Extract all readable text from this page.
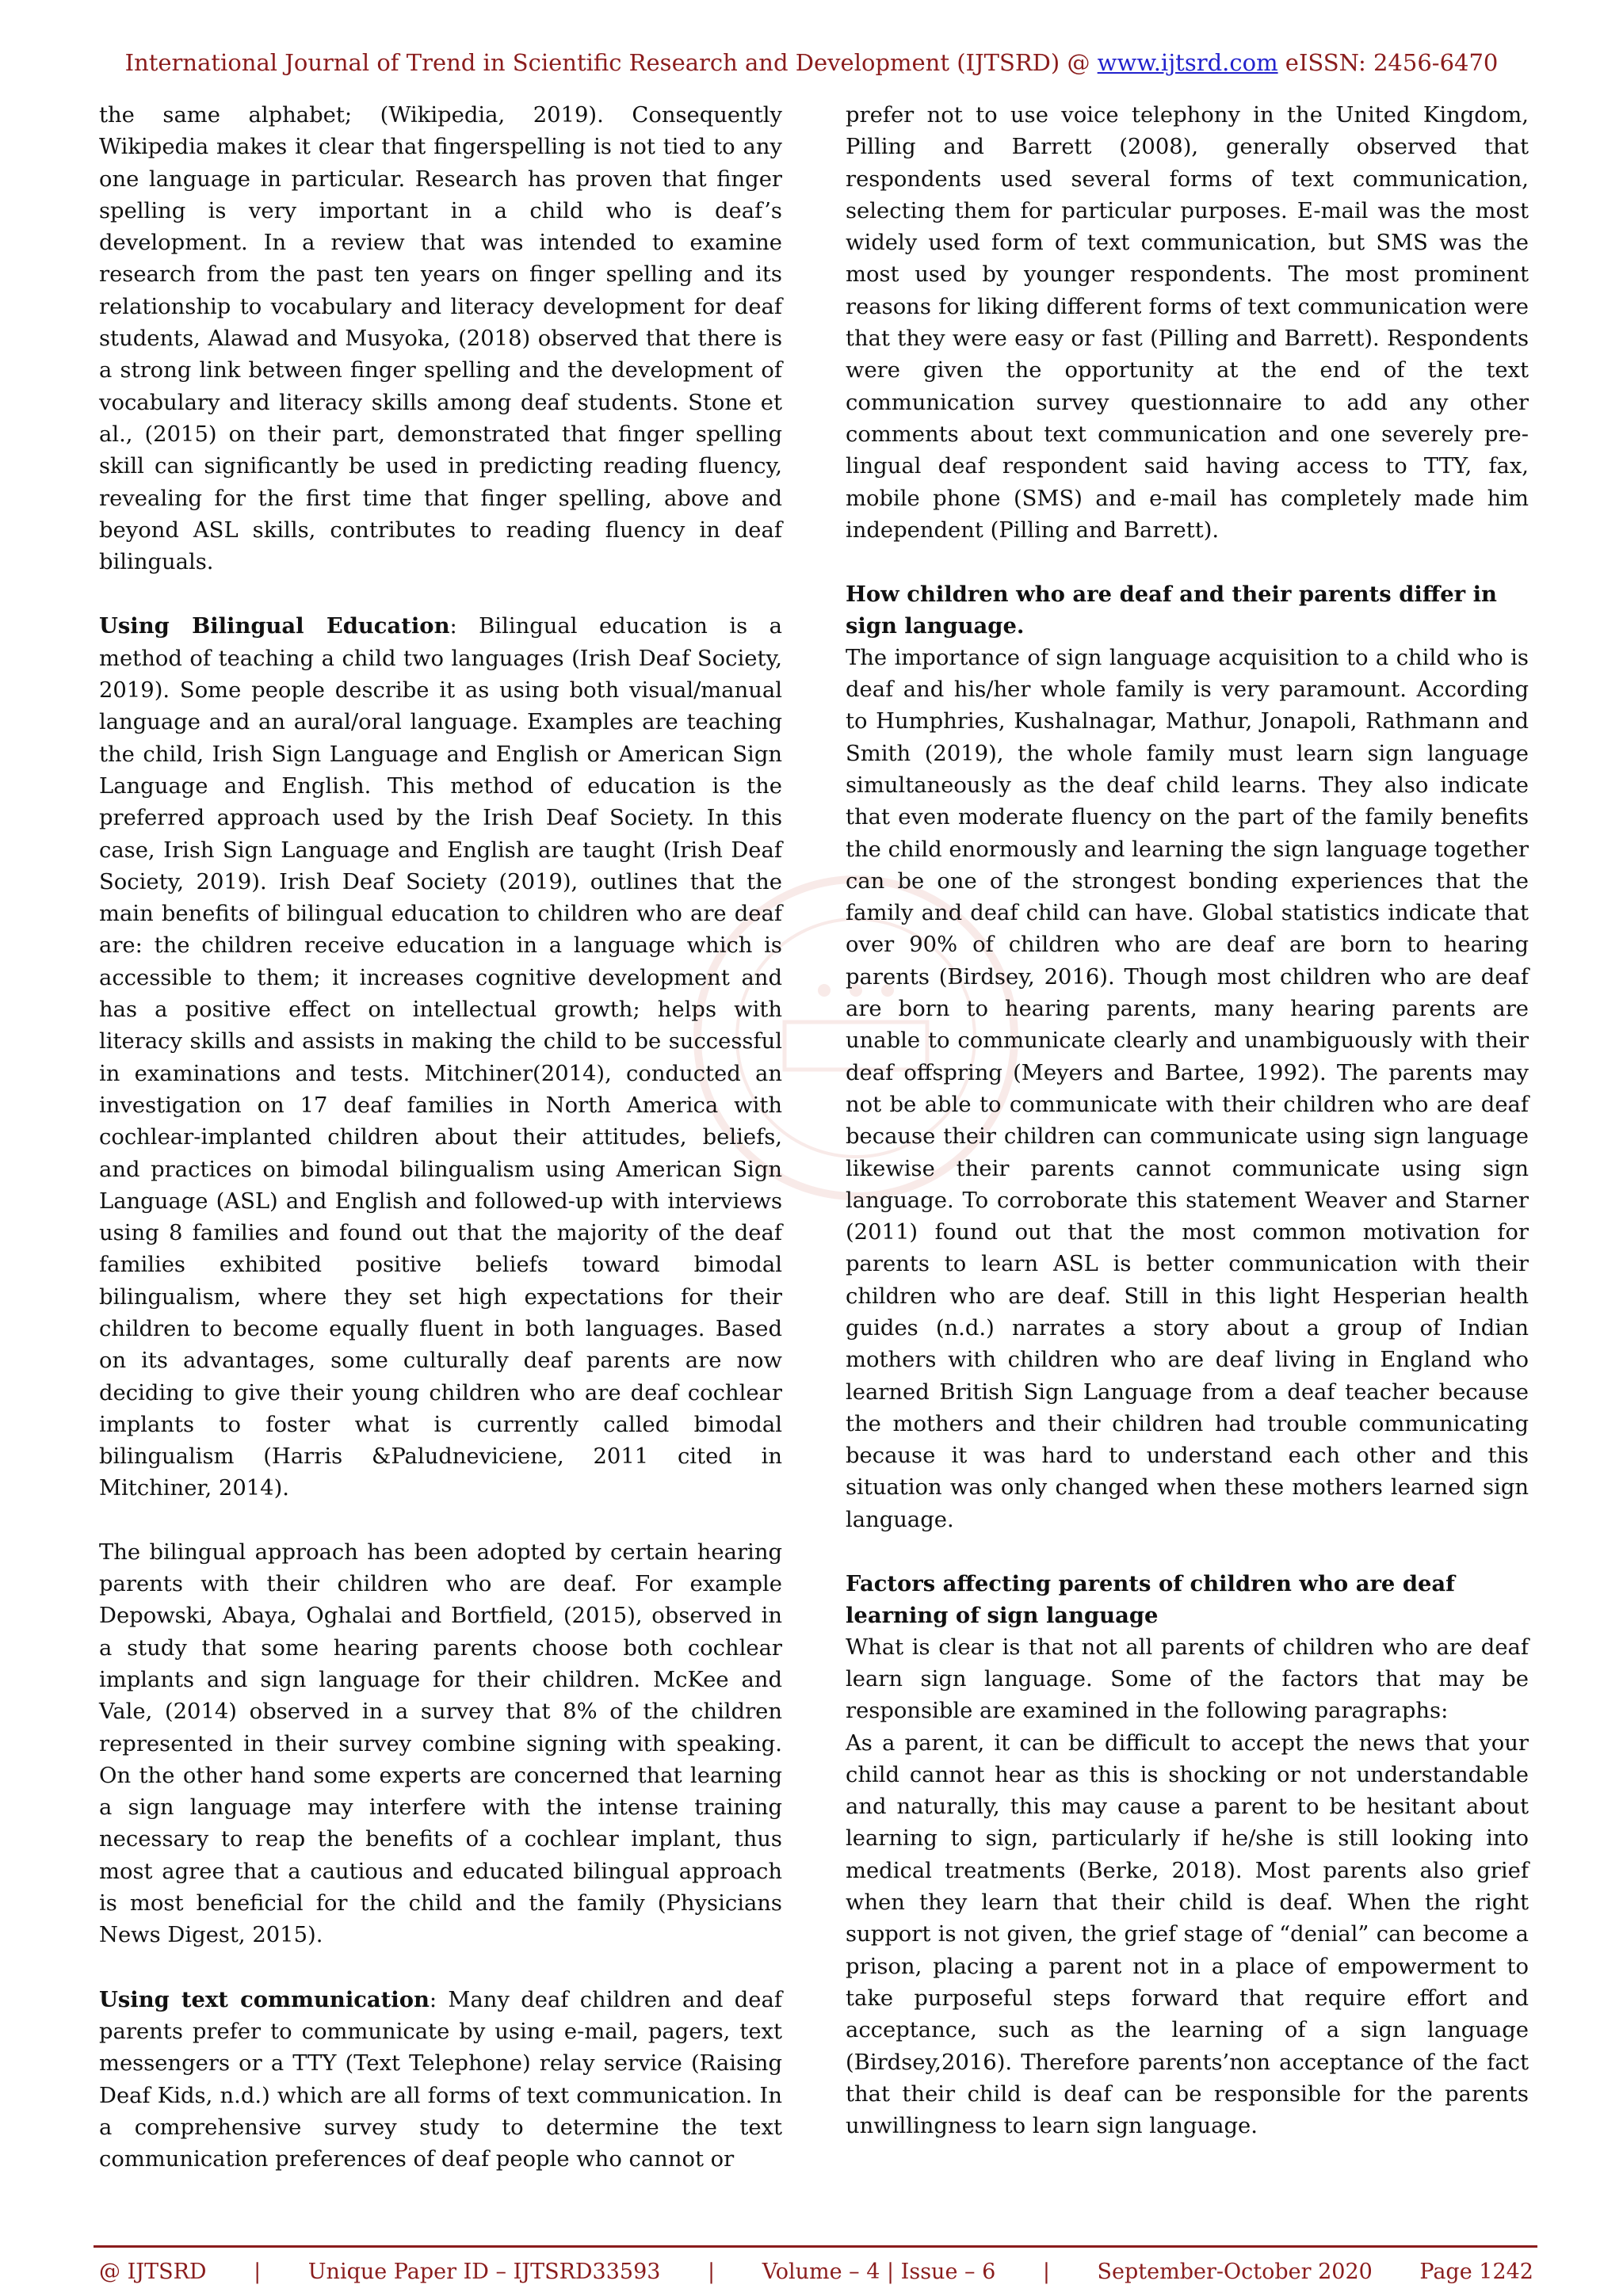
International Journal of Trend in Scientific Research and Development (IJTSRD) @ www.ijtsrd.com eISSN: 2456-6470

the same alphabet; (Wikipedia, 2019). Consequently Wikipedia makes it clear that fingerspelling is not tied to any one language in particular. Research has proven that finger spelling is very important in a child who is deaf’s development. In a review that was intended to examine research from the past ten years on finger spelling and its relationship to vocabulary and literacy development for deaf students, Alawad and Musyoka, (2018) observed that there is a strong link between finger spelling and the development of vocabulary and literacy skills among deaf students. Stone et al., (2015) on their part, demonstrated that finger spelling skill can significantly be used in predicting reading fluency, revealing for the first time that finger spelling, above and beyond ASL skills, contributes to reading fluency in deaf bilinguals.

Using Bilingual Education: Bilingual education is a method of teaching a child two languages (Irish Deaf Society, 2019). Some people describe it as using both visual/manual language and an aural/oral language. Examples are teaching the child, Irish Sign Language and English or American Sign Language and English. This method of education is the preferred approach used by the Irish Deaf Society. In this case, Irish Sign Language and English are taught (Irish Deaf Society, 2019). Irish Deaf Society (2019), outlines that the main benefits of bilingual education to children who are deaf are: the children receive education in a language which is accessible to them; it increases cognitive development and has a positive effect on intellectual growth; helps with literacy skills and assists in making the child to be successful in examinations and tests. Mitchiner(2014), conducted an investigation on 17 deaf families in North America with cochlear-implanted children about their attitudes, beliefs, and practices on bimodal bilingualism using American Sign Language (ASL) and English and followed-up with interviews using 8 families and found out that the majority of the deaf families exhibited positive beliefs toward bimodal bilingualism, where they set high expectations for their children to become equally fluent in both languages. Based on its advantages, some culturally deaf parents are now deciding to give their young children who are deaf cochlear implants to foster what is currently called bimodal bilingualism (Harris &Paludneviciene, 2011 cited in Mitchiner, 2014).

The bilingual approach has been adopted by certain hearing parents with their children who are deaf. For example Depowski, Abaya, Oghalai and Bortfield, (2015), observed in a study that some hearing parents choose both cochlear implants and sign language for their children. McKee and Vale, (2014) observed in a survey that 8% of the children represented in their survey combine signing with speaking. On the other hand some experts are concerned that learning a sign language may interfere with the intense training necessary to reap the benefits of a cochlear implant, thus most agree that a cautious and educated bilingual approach is most beneficial for the child and the family (Physicians News Digest, 2015).

Using text communication: Many deaf children and deaf parents prefer to communicate by using e-mail, pagers, text messengers or a TTY (Text Telephone) relay service (Raising Deaf Kids, n.d.) which are all forms of text communication. In a comprehensive survey study to determine the text communication preferences of deaf people who cannot or

prefer not to use voice telephony in the United Kingdom, Pilling and Barrett (2008), generally observed that respondents used several forms of text communication, selecting them for particular purposes. E-mail was the most widely used form of text communication, but SMS was the most used by younger respondents. The most prominent reasons for liking different forms of text communication were that they were easy or fast (Pilling and Barrett). Respondents were given the opportunity at the end of the text communication survey questionnaire to add any other comments about text communication and one severely pre-lingual deaf respondent said having access to TTY, fax, mobile phone (SMS) and e-mail has completely made him independent (Pilling and Barrett).

How children who are deaf and their parents differ in sign language.

The importance of sign language acquisition to a child who is deaf and his/her whole family is very paramount. According to Humphries, Kushalnagar, Mathur, Jonapoli, Rathmann and Smith (2019), the whole family must learn sign language simultaneously as the deaf child learns. They also indicate that even moderate fluency on the part of the family benefits the child enormously and learning the sign language together can be one of the strongest bonding experiences that the family and deaf child can have. Global statistics indicate that over 90% of children who are deaf are born to hearing parents (Birdsey, 2016). Though most children who are deaf are born to hearing parents, many hearing parents are unable to communicate clearly and unambiguously with their deaf offspring (Meyers and Bartee, 1992). The parents may not be able to communicate with their children who are deaf because their children can communicate using sign language likewise their parents cannot communicate using sign language. To corroborate this statement Weaver and Starner (2011) found out that the most common motivation for parents to learn ASL is better communication with their children who are deaf. Still in this light Hesperian health guides (n.d.) narrates a story about a group of Indian mothers with children who are deaf living in England who learned British Sign Language from a deaf teacher because the mothers and their children had trouble communicating because it was hard to understand each other and this situation was only changed when these mothers learned sign language.

Factors affecting parents of children who are deaf learning of sign language

What is clear is that not all parents of children who are deaf learn sign language. Some of the factors that may be responsible are examined in the following paragraphs:

As a parent, it can be difficult to accept the news that your child cannot hear as this is shocking or not understandable and naturally, this may cause a parent to be hesitant about learning to sign, particularly if he/she is still looking into medical treatments (Berke, 2018). Most parents also grief when they learn that their child is deaf. When the right support is not given, the grief stage of “denial” can become a prison, placing a parent not in a place of empowerment to take purposeful steps forward that require effort and acceptance, such as the learning of a sign language (Birdsey,2016). Therefore parents’non acceptance of the fact that their child is deaf can be responsible for the parents unwillingness to learn sign language.

@ IJTSRD | Unique Paper ID – IJTSRD33593 | Volume – 4 | Issue – 6 | September-October 2020 Page 1242
